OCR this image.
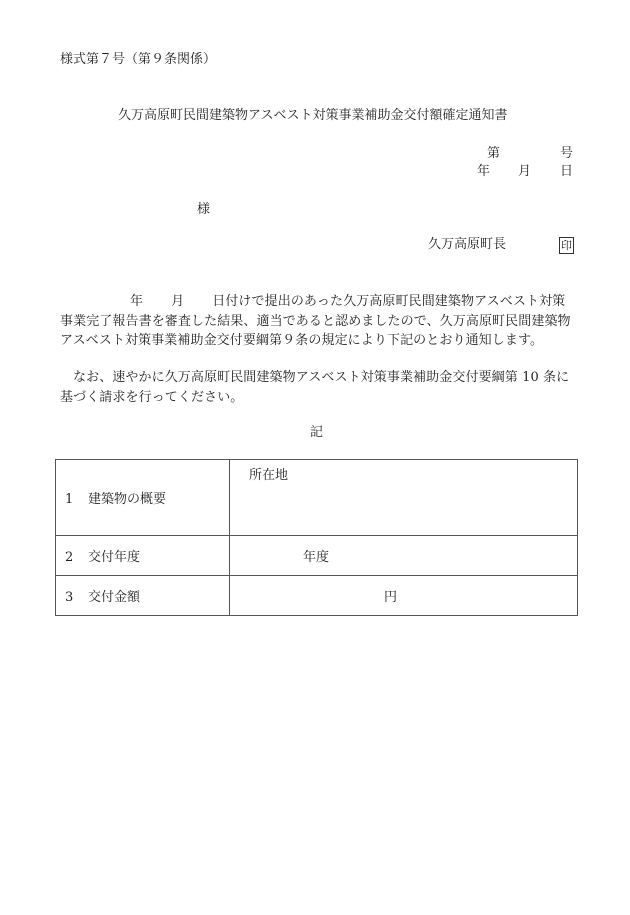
様式第７号（第９条関係）
久万高原町民間建築物アスベスト対策事業補助金交付額確定通知書
第	号
年 月 日
様
久万高原町長	印
年 月 日付けで提出のあった久万高原町民間建築物アスベスト対策事業完了報告書を審査した結果、適当であると認めましたので、久万高原町民間建築物アスベスト対策事業補助金交付要綱第９条の規定により下記のとおり通知します。
なお、速やかに久万高原町民間建築物アスベスト対策事業補助金交付要綱第 10 条に基づく請求を行ってください。
記
1 建築物の概要	所在地

2 交付年度	年度
3 交付金額	円
